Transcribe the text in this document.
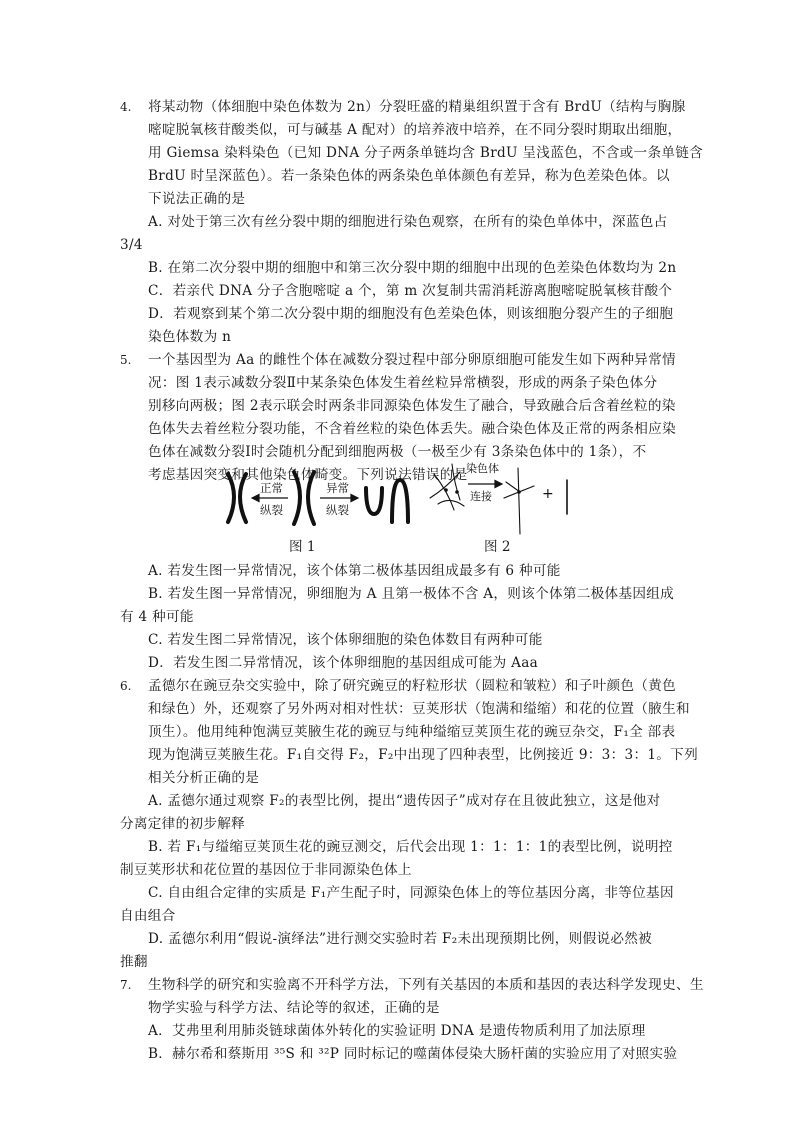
4. 将某动物（体细胞中染色体数为 2n）分裂旺盛的精巢组织置于含有 BrdU（结构与胸腺
嘧啶脱氧核苷酸类似，可与碱基 A 配对）的培养液中培养，在不同分裂时期取出细胞，
用 Giemsa 染料染色（已知 DNA 分子两条单链均含 BrdU 呈浅蓝色，不含或一条单链含
BrdU 时呈深蓝色）。若一条染色体的两条染色单体颜色有差异，称为色差染色体。以
下说法正确的是
A. 对处于第三次有丝分裂中期的细胞进行染色观察，在所有的染色单体中，深蓝色占
3/4
B. 在第二次分裂中期的细胞中和第三次分裂中期的细胞中出现的色差染色体数均为 2n
C．若亲代 DNA 分子含胞嘧啶 a 个，第 m 次复制共需消耗游离胞嘧啶脱氧核苷酸个
D．若观察到某个第二次分裂中期的细胞没有色差染色体，则该细胞分裂产生的子细胞
染色体数为 n
5. 一个基因型为 Aa 的雌性个体在减数分裂过程中部分卵原细胞可能发生如下两种异常情
况：图 1表示减数分裂Ⅱ中某条染色体发生着丝粒异常横裂，形成的两条子染色体分
别移向两极；图 2表示联会时两条非同源染色体发生了融合，导致融合后含着丝粒的染
色体失去着丝粒分裂功能，不含着丝粒的染色体丢失。融合染色体及正常的两条相应染
色体在减数分裂Ⅰ时会随机分配到细胞两极（一极至少有 3条染色体中的 1条），不
考虑基因突变和其他染色体畸变。下列说法错误的是
正常
纵裂
异常
纵裂
染色体
连接	+
图 1	图 2
A. 若发生图一异常情况，该个体第二极体基因组成最多有 6 种可能
B. 若发生图一异常情况，卵细胞为 A 且第一极体不含 A，则该个体第二极体基因组成
有 4 种可能
C. 若发生图二异常情况，该个体卵细胞的染色体数目有两种可能
D．若发生图二异常情况，该个体卵细胞的基因组成可能为 Aaa
6. 孟德尔在豌豆杂交实验中，除了研究豌豆的籽粒形状（圆粒和皱粒）和子叶颜色（黄色
和绿色）外，还观察了另外两对相对性状：豆荚形状（饱满和缢缩）和花的位置（腋生和
顶生）。他用纯种饱满豆荚腋生花的豌豆与纯种缢缩豆荚顶生花的豌豆杂交，F₁全 部表
现为饱满豆荚腋生花。F₁自交得 F₂，F₂中出现了四种表型，比例接近 9：3：3：1。下列
相关分析正确的是
A. 孟德尔通过观察 F₂的表型比例，提出“遗传因子”成对存在且彼此独立，这是他对
分离定律的初步解释
B. 若 F₁与缢缩豆荚顶生花的豌豆测交，后代会出现 1：1：1：1的表型比例，说明控
制豆荚形状和花位置的基因位于非同源染色体上
C. 自由组合定律的实质是 F₁产生配子时，同源染色体上的等位基因分离，非等位基因
自由组合
D. 孟德尔利用“假说-演绎法”进行测交实验时若 F₂未出现预期比例，则假说必然被
推翻
7. 生物科学的研究和实验离不开科学方法，下列有关基因的本质和基因的表达科学发现史、生
物学实验与科学方法、结论等的叙述，正确的是
A．艾弗里利用肺炎链球菌体外转化的实验证明 DNA 是遗传物质利用了加法原理
B．赫尔希和蔡斯用 ³⁵S 和 ³²P 同时标记的噬菌体侵染大肠杆菌的实验应用了对照实验
